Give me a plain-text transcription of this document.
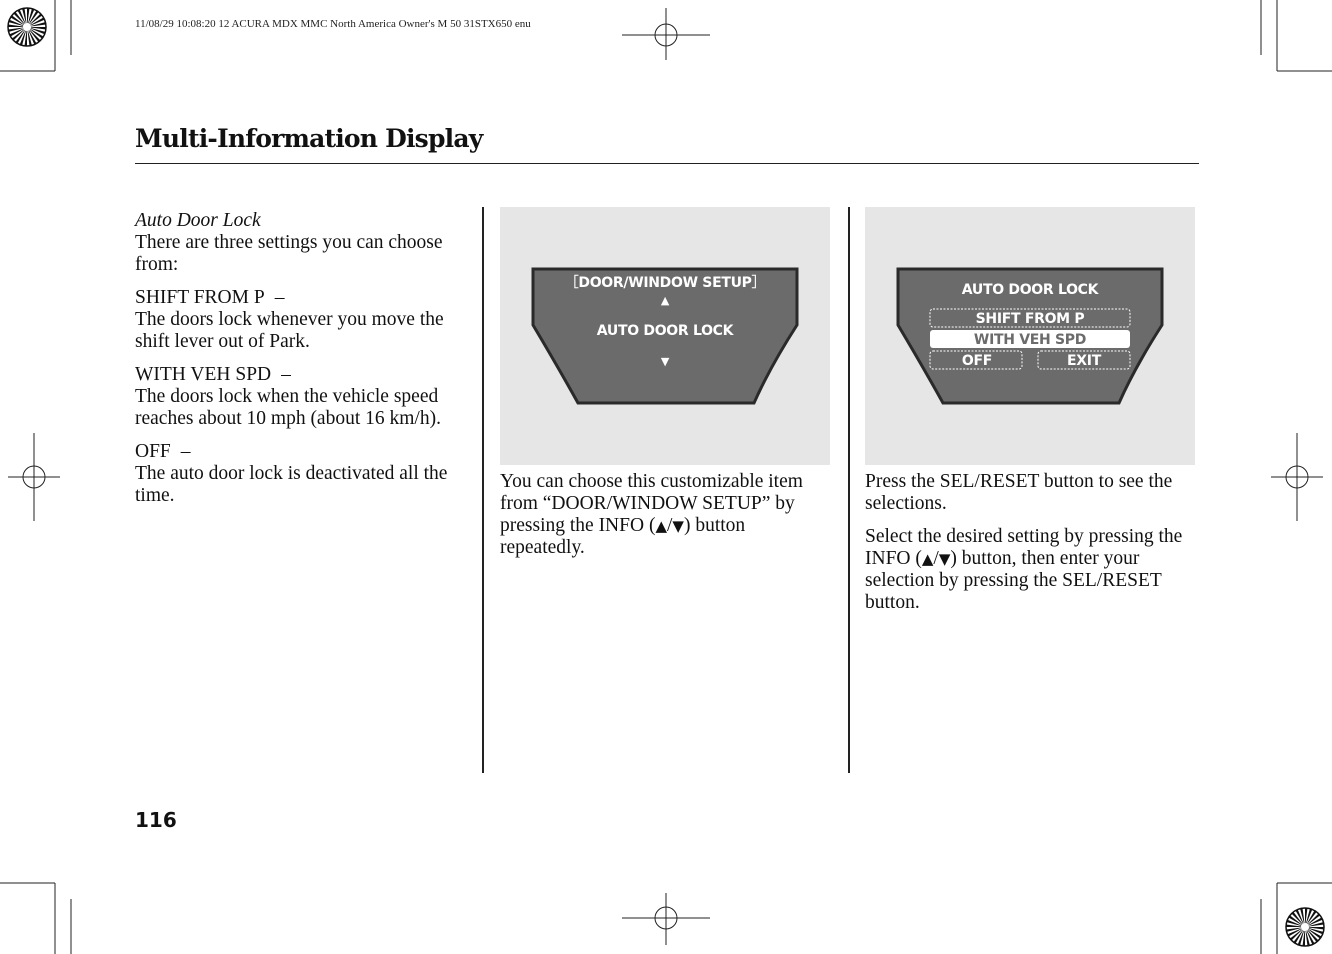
11/08/29 10:08:20 12 ACURA MDX MMC North America Owner's M 50 31STX650 enu
Multi-Information Display
Auto Door Lock

There are three settings you can choose from:

SHIFT FROM P –

The doors lock whenever you move the shift lever out of Park.

WITH VEH SPD –

The doors lock when the vehicle speed reaches about 10 mph (about 16 km/h).

OFF –

The auto door lock is deactivated all the time.

［DOOR/WINDOW SETUP］
▲
AUTO DOOR LOCK
▼
AUTO DOOR LOCK
SHIFT FROM P
WITH VEH SPD
OFF	EXIT

You can choose this customizable item from “DOOR/WINDOW SETUP” by pressing the INFO (▲/▼) button repeatedly.

Press the SEL/RESET button to see the selections.

Select the desired setting by pressing the INFO (▲/▼) button, then enter your selection by pressing the SEL/RESET button.

116
